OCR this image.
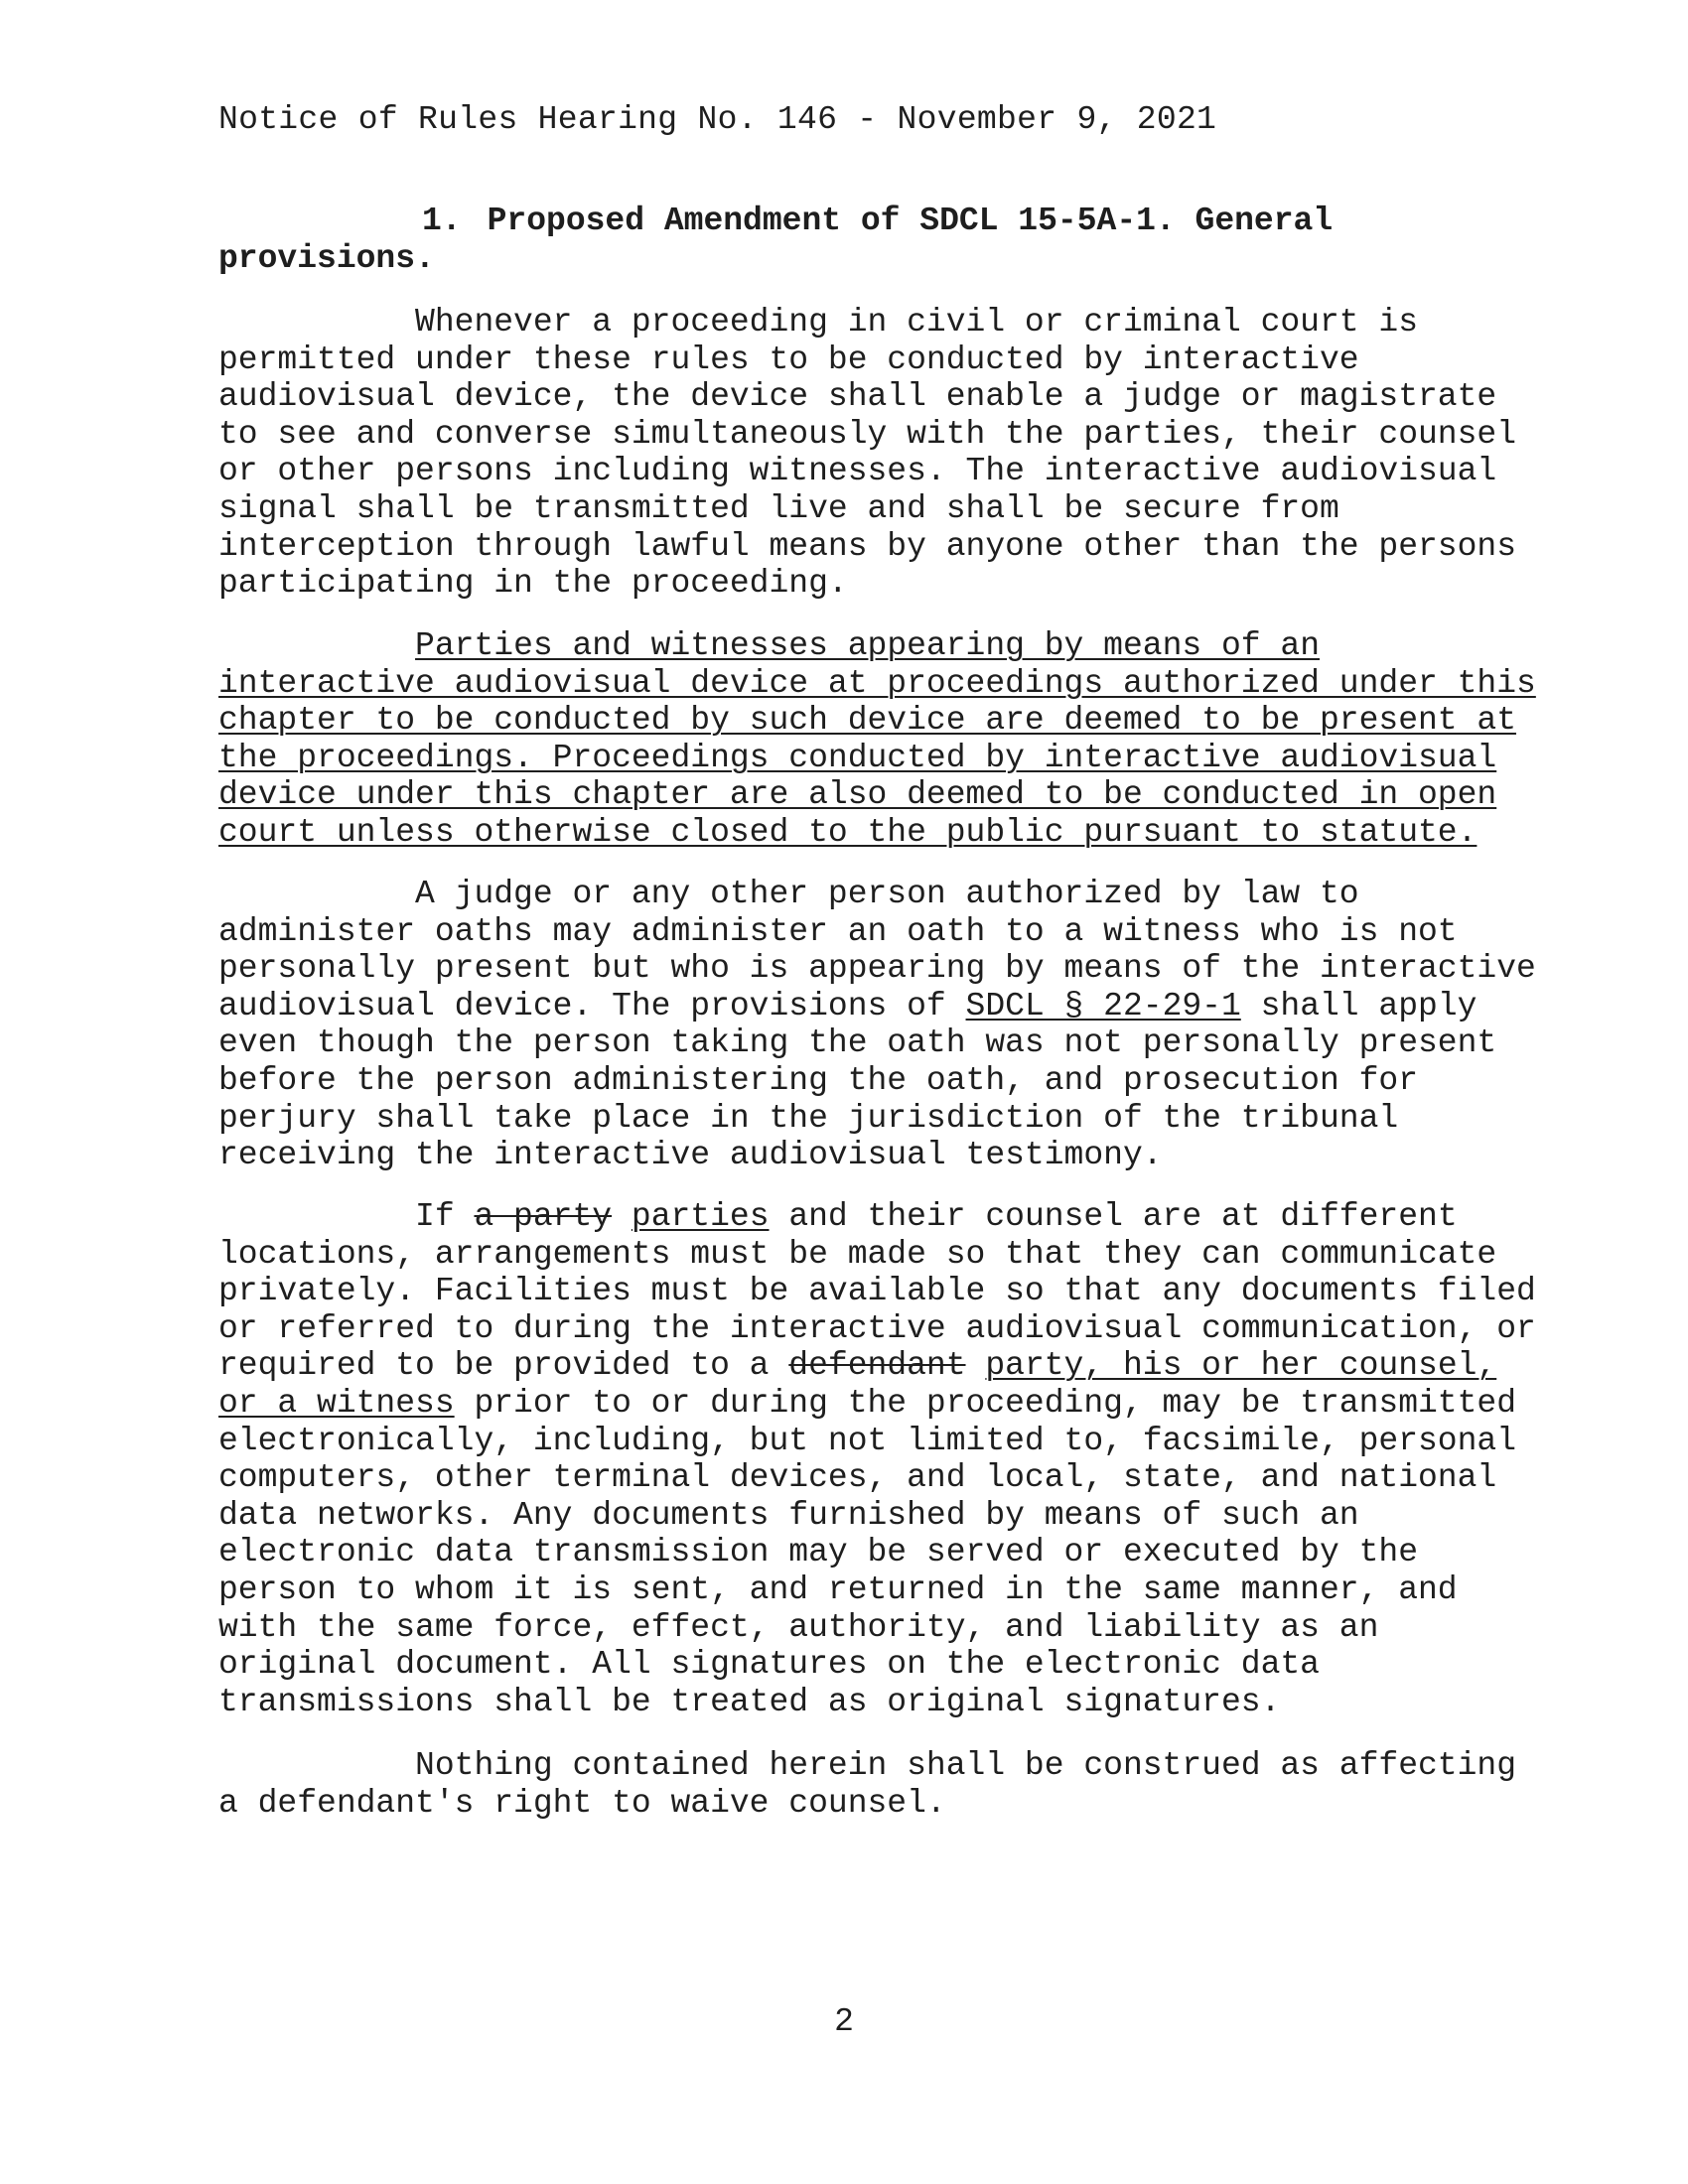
Notice of Rules Hearing No. 146 - November 9, 2021
1. Proposed Amendment of SDCL 15-5A-1. General
provisions.
Whenever a proceeding in civil or criminal court is
permitted under these rules to be conducted by interactive
audiovisual device, the device shall enable a judge or magistrate
to see and converse simultaneously with the parties, their counsel
or other persons including witnesses. The interactive audiovisual
signal shall be transmitted live and shall be secure from
interception through lawful means by anyone other than the persons
participating in the proceeding.
Parties and witnesses appearing by means of an
interactive audiovisual device at proceedings authorized under this
chapter to be conducted by such device are deemed to be present at
the proceedings. Proceedings conducted by interactive audiovisual
device under this chapter are also deemed to be conducted in open
court unless otherwise closed to the public pursuant to statute.
A judge or any other person authorized by law to
administer oaths may administer an oath to a witness who is not
personally present but who is appearing by means of the interactive
audiovisual device. The provisions of SDCL § 22-29-1 shall apply
even though the person taking the oath was not personally present
before the person administering the oath, and prosecution for
perjury shall take place in the jurisdiction of the tribunal
receiving the interactive audiovisual testimony.
If a party parties and their counsel are at different
locations, arrangements must be made so that they can communicate
privately. Facilities must be available so that any documents filed
or referred to during the interactive audiovisual communication, or
required to be provided to a defendant party, his or her counsel,
or a witness prior to or during the proceeding, may be transmitted
electronically, including, but not limited to, facsimile, personal
computers, other terminal devices, and local, state, and national
data networks. Any documents furnished by means of such an
electronic data transmission may be served or executed by the
person to whom it is sent, and returned in the same manner, and
with the same force, effect, authority, and liability as an
original document. All signatures on the electronic data
transmissions shall be treated as original signatures.
Nothing contained herein shall be construed as affecting
a defendant's right to waive counsel.
2
